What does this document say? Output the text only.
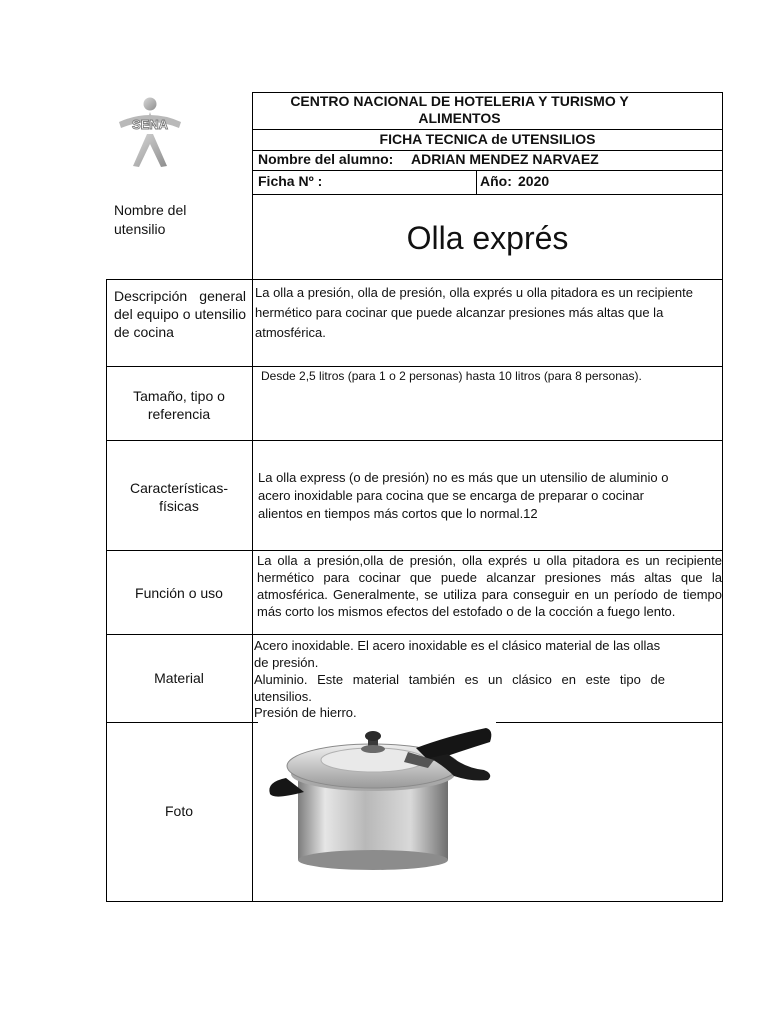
SENA
CENTRO NACIONAL DE HOTELERIA Y TURISMO Y ALIMENTOS
FICHA TECNICA de UTENSILIOS
Nombre del alumno: ADRIAN MENDEZ NARVAEZ
Ficha Nº :	Año: 2020
Nombre del utensilio	Olla exprés
Descripción general del equipo o utensilio de cocina
La olla a presión, olla de presión, olla exprés u olla pitadora es un recipiente hermético para cocinar que puede alcanzar presiones más altas que la atmosférica.
Tamaño, tipo o referencia
Desde 2,5 litros (para 1 o 2 personas) hasta 10 litros (para 8 personas).
Características-físicas
La olla express (o de presión) no es más que un utensilio de aluminio o acero inoxidable para cocina que se encarga de preparar o cocinar alientos en tiempos más cortos que lo normal.12
Función o uso
La olla a presión,olla de presión, olla exprés u olla pitadora es un recipiente hermético para cocinar que puede alcanzar presiones más altas que la atmosférica. Generalmente, se utiliza para conseguir en un período de tiempo más corto los mismos efectos del estofado o de la cocción a fuego lento.
Material
Acero inoxidable. El acero inoxidable es el clásico material de las ollas de presión.
Aluminio. Este material también es un clásico en este tipo de utensilios.
Presión de hierro.
Foto
